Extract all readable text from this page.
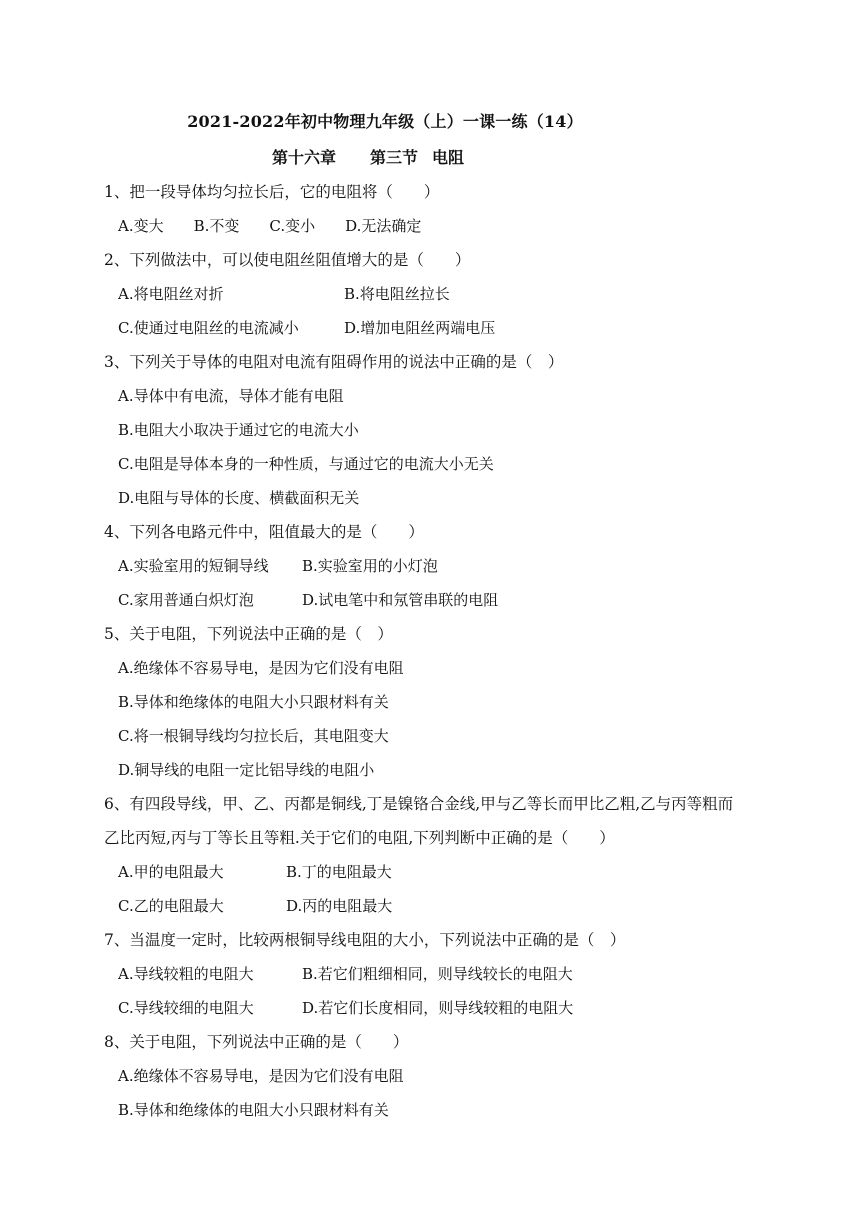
2021-2022年初中物理九年级（上）一课一练（14）
第十六章 第三节 电阻
1、把一段导体均匀拉长后，它的电阻将（　　）
A.变大 B.不变 C.变小 D.无法确定
2、下列做法中，可以使电阻丝阻值增大的是（　　）
A.将电阻丝对折	B.将电阻丝拉长
C.使通过电阻丝的电流减小	D.增加电阻丝两端电压
3、下列关于导体的电阻对电流有阻碍作用的说法中正确的是（　）
A.导体中有电流，导体才能有电阻
B.电阻大小取决于通过它的电流大小
C.电阻是导体本身的一种性质，与通过它的电流大小无关
D.电阻与导体的长度、横截面积无关
4、下列各电路元件中，阻值最大的是（　　）
A.实验室用的短铜导线	B.实验室用的小灯泡
C.家用普通白炽灯泡	D.试电笔中和氖管串联的电阻
5、关于电阻，下列说法中正确的是（　）
A.绝缘体不容易导电，是因为它们没有电阻
B.导体和绝缘体的电阻大小只跟材料有关
C.将一根铜导线均匀拉长后，其电阻变大
D.铜导线的电阻一定比铝导线的电阻小
6、有四段导线，甲、乙、丙都是铜线,丁是镍铬合金线,甲与乙等长而甲比乙粗,乙与丙等粗而乙比丙短,丙与丁等长且等粗.关于它们的电阻,下列判断中正确的是（　　）
A.甲的电阻最大	B.丁的电阻最大
C.乙的电阻最大	D.丙的电阻最大
7、当温度一定时，比较两根铜导线电阻的大小，下列说法中正确的是（　）
A.导线较粗的电阻大	B.若它们粗细相同，则导线较长的电阻大
C.导线较细的电阻大	D.若它们长度相同，则导线较粗的电阻大
8、关于电阻，下列说法中正确的是（　　）
A.绝缘体不容易导电，是因为它们没有电阻
B.导体和绝缘体的电阻大小只跟材料有关
